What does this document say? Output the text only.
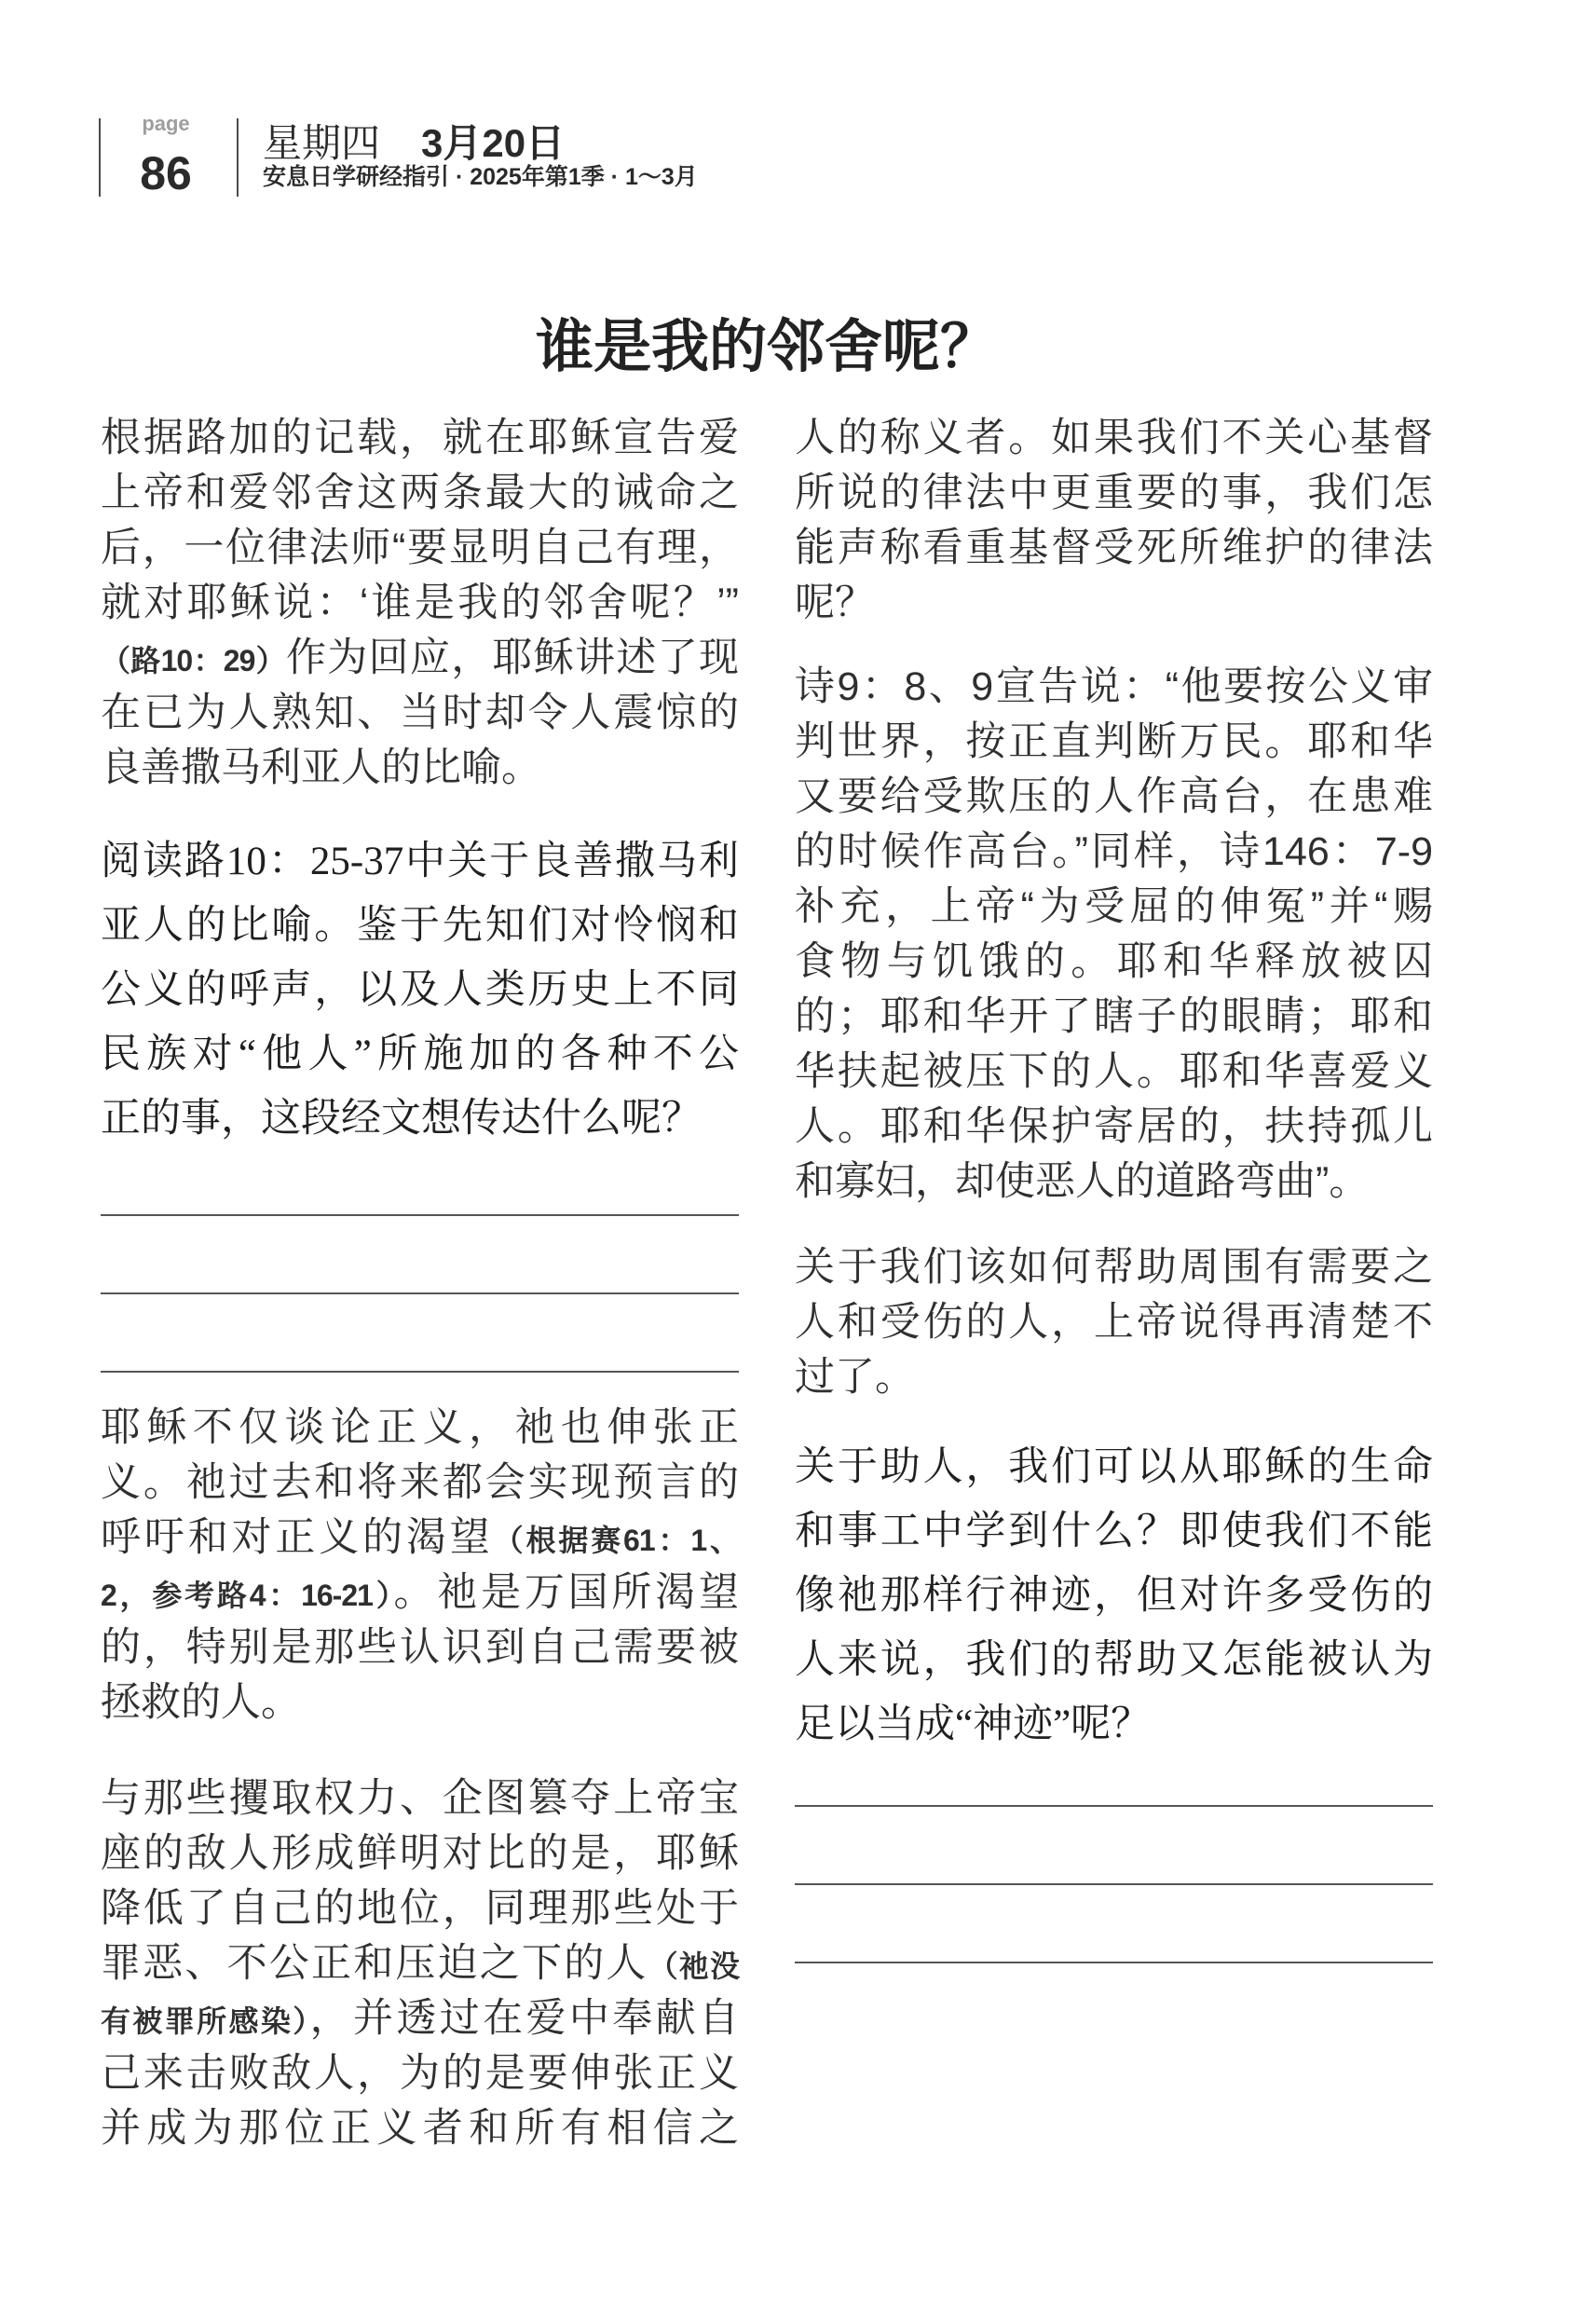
page
86
星期四 3月20日
安息日学研经指引 · 2025年第1季 · 1～3月
谁是我的邻舍呢？
根据路加的记载，就在耶稣宣告爱
上帝和爱邻舍这两条最大的诫命之
后，一位律法师“要显明自己有理，
就对耶稣说：‘谁是我的邻舍呢？’”
（路10：29）作为回应，耶稣讲述了现
在已为人熟知、当时却令人震惊的
良善撒马利亚人的比喻。
阅读路10：25-37中关于良善撒马利
亚人的比喻。鉴于先知们对怜悯和
公义的呼声，以及人类历史上不同
民族对“他人”所施加的各种不公
正的事，这段经文想传达什么呢？
耶稣不仅谈论正义，祂也伸张正
义。祂过去和将来都会实现预言的
呼吁和对正义的渴望（根据赛61：1、
2，参考路4：16-21）。祂是万国所渴望
的，特别是那些认识到自己需要被
拯救的人。
与那些攫取权力、企图篡夺上帝宝
座的敌人形成鲜明对比的是，耶稣
降低了自己的地位，同理那些处于
罪恶、不公正和压迫之下的人（祂没
有被罪所感染），并透过在爱中奉献自
己来击败敌人，为的是要伸张正义
并成为那位正义者和所有相信之
人的称义者。如果我们不关心基督
所说的律法中更重要的事，我们怎
能声称看重基督受死所维护的律法
呢？
诗9：8、9宣告说：“他要按公义审
判世界，按正直判断万民。耶和华
又要给受欺压的人作高台，在患难
的时候作高台。”同样，诗146：7-9
补充，上帝“为受屈的伸冤”并“赐
食物与饥饿的。耶和华释放被囚
的；耶和华开了瞎子的眼睛；耶和
华扶起被压下的人。耶和华喜爱义
人。耶和华保护寄居的，扶持孤儿
和寡妇，却使恶人的道路弯曲”。
关于我们该如何帮助周围有需要之
人和受伤的人，上帝说得再清楚不
过了。
关于助人，我们可以从耶稣的生命
和事工中学到什么？即使我们不能
像祂那样行神迹，但对许多受伤的
人来说，我们的帮助又怎能被认为
足以当成“神迹”呢？
